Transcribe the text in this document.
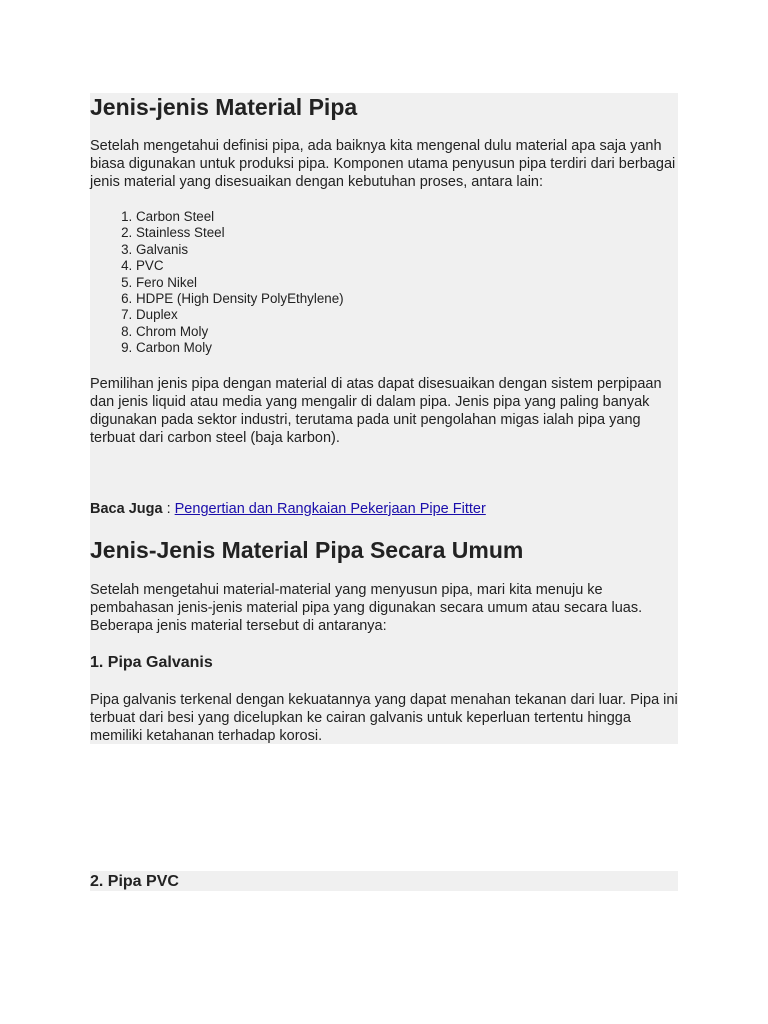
Jenis-jenis Material Pipa

Setelah mengetahui definisi pipa, ada baiknya kita mengenal dulu material apa saja yanh biasa digunakan untuk produksi pipa. Komponen utama penyusun pipa terdiri dari berbagai jenis material yang disesuaikan dengan kebutuhan proses, antara lain:

1. Carbon Steel
2. Stainless Steel
3. Galvanis
4. PVC
5. Fero Nikel
6. HDPE (High Density PolyEthylene)
7. Duplex
8. Chrom Moly
9. Carbon Moly

Pemilihan jenis pipa dengan material di atas dapat disesuaikan dengan sistem perpipaan dan jenis liquid atau media yang mengalir di dalam pipa. Jenis pipa yang paling banyak digunakan pada sektor industri, terutama pada unit pengolahan migas ialah pipa yang terbuat dari carbon steel (baja karbon).

Baca Juga : Pengertian dan Rangkaian Pekerjaan Pipe Fitter

Jenis-Jenis Material Pipa Secara Umum

Setelah mengetahui material-material yang menyusun pipa, mari kita menuju ke pembahasan jenis-jenis material pipa yang digunakan secara umum atau secara luas. Beberapa jenis material tersebut di antaranya:

1. Pipa Galvanis

Pipa galvanis terkenal dengan kekuatannya yang dapat menahan tekanan dari luar. Pipa ini terbuat dari besi yang dicelupkan ke cairan galvanis untuk keperluan tertentu hingga memiliki ketahanan terhadap korosi.

2. Pipa PVC
